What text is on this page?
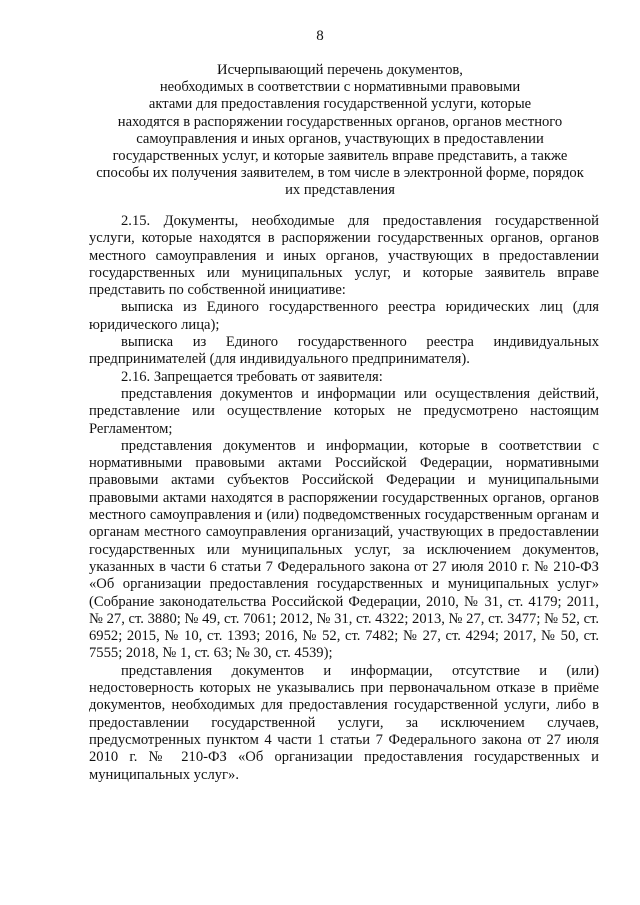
8
Исчерпывающий перечень документов,
необходимых в соответствии с нормативными правовыми
актами для предоставления государственной услуги, которые
находятся в распоряжении государственных органов, органов местного
самоуправления и иных органов, участвующих в предоставлении
государственных услуг, и которые заявитель вправе представить, а также
способы их получения заявителем, в том числе в электронной форме, порядок
их представления

2.15. Документы, необходимые для предоставления государственной услуги, которые находятся в распоряжении государственных органов, органов местного самоуправления и иных органов, участвующих в предоставлении государственных или муниципальных услуг, и которые заявитель вправе представить по собственной инициативе:

выписка из Единого государственного реестра юридических лиц (для юридического лица);

выписка из Единого государственного реестра индивидуальных предпринимателей (для индивидуального предпринимателя).

2.16. Запрещается требовать от заявителя:

представления документов и информации или осуществления действий, представление или осуществление которых не предусмотрено настоящим Регламентом;

представления документов и информации, которые в соответствии с нормативными правовыми актами Российской Федерации, нормативными правовыми актами субъектов Российской Федерации и муниципальными правовыми актами находятся в распоряжении государственных органов, органов местного самоуправления и (или) подведомственных государственным органам и органам местного самоуправления организаций, участвующих в предоставлении государственных или муниципальных услуг, за исключением документов, указанных в части 6 статьи 7 Федерального закона от 27 июля 2010 г. № 210-ФЗ «Об организации предоставления государственных и муниципальных услуг» (Собрание законодательства Российской Федерации, 2010, № 31, ст. 4179; 2011, № 27, ст. 3880; № 49, ст. 7061; 2012, № 31, ст. 4322; 2013, № 27, ст. 3477; № 52, ст. 6952; 2015, № 10, ст. 1393; 2016, № 52, ст. 7482; № 27, ст. 4294; 2017, № 50, ст. 7555; 2018, № 1, ст. 63; № 30, ст. 4539);

представления документов и информации, отсутствие и (или) недостоверность которых не указывались при первоначальном отказе в приёме документов, необходимых для предоставления государственной услуги, либо в предоставлении государственной услуги, за исключением случаев, предусмотренных пунктом 4 части 1 статьи 7 Федерального закона от 27 июля 2010 г. № 210-ФЗ «Об организации предоставления государственных и муниципальных услуг».
